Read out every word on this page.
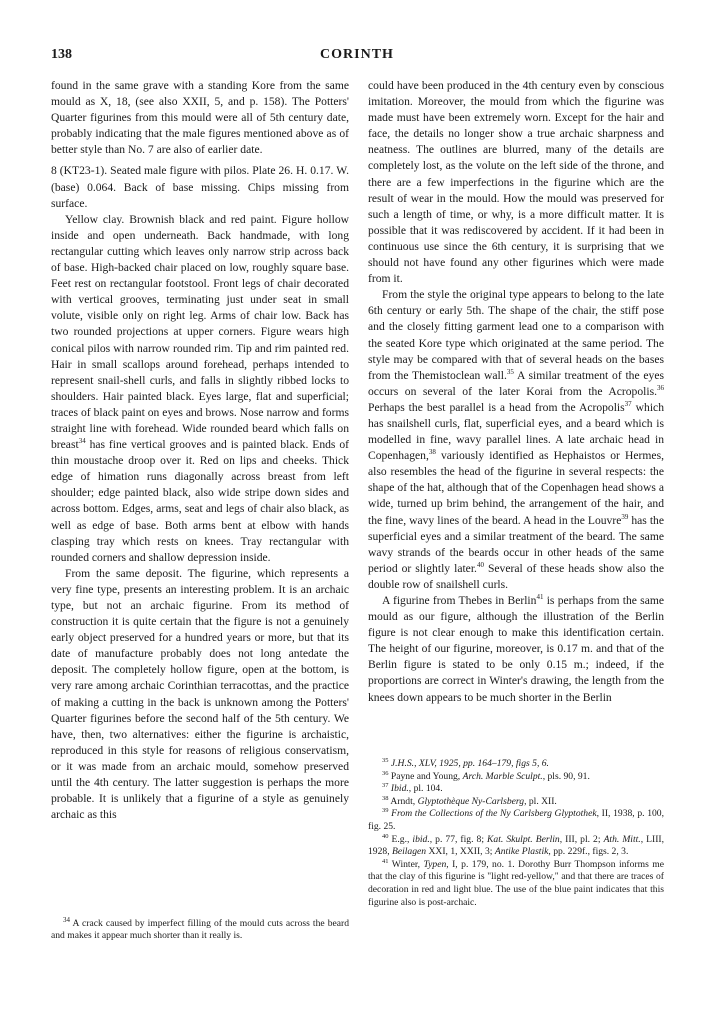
138	CORINTH

found in the same grave with a standing Kore from the same mould as X, 18, (see also XXII, 5, and p. 158). The Potters' Quarter figurines from this mould were all of 5th century date, probably indicating that the male figures mentioned above as of better style than No. 7 are also of earlier date.

8 (KT23-1). Seated male figure with pilos. Plate 26. H. 0.17. W. (base) 0.064. Back of base missing. Chips missing from surface.

Yellow clay. Brownish black and red paint. Figure hollow inside and open underneath. Back handmade, with long rectangular cutting which leaves only narrow strip across back of base. High-backed chair placed on low, roughly square base. Feet rest on rectangular footstool. Front legs of chair decorated with vertical grooves, terminating just under seat in small volute, visible only on right leg. Arms of chair low. Back has two rounded projections at upper corners. Figure wears high conical pilos with narrow rounded rim. Tip and rim painted red. Hair in small scallops around forehead, perhaps intended to represent snail-shell curls, and falls in slightly ribbed locks to shoulders. Hair painted black. Eyes large, flat and superficial; traces of black paint on eyes and brows. Nose narrow and forms straight line with forehead. Wide rounded beard which falls on breast$^{34}$ has fine vertical grooves and is painted black. Ends of thin moustache droop over it. Red on lips and cheeks. Thick edge of himation runs diagonally across breast from left shoulder; edge painted black, also wide stripe down sides and across bottom. Edges, arms, seat and legs of chair also black, as well as edge of base. Both arms bent at elbow with hands clasping tray which rests on knees. Tray rectangular with rounded corners and shallow depression inside.

From the same deposit. The figurine, which represents a very fine type, presents an interesting problem. It is an archaic type, but not an archaic figurine. From its method of construction it is quite certain that the figure is not a genuinely early object preserved for a hundred years or more, but that its date of manufacture probably does not long antedate the deposit. The completely hollow figure, open at the bottom, is very rare among archaic Corinthian terracottas, and the practice of making a cutting in the back is unknown among the Potters' Quarter figurines before the second half of the 5th century. We have, then, two alternatives: either the figurine is archaistic, reproduced in this style for reasons of religious conservatism, or it was made from an archaic mould, somehow preserved until the 4th century. The latter suggestion is perhaps the more probable. It is unlikely that a figurine of a style as genuinely archaic as this

$^{34}$ A crack caused by imperfect filling of the mould cuts across the beard and makes it appear much shorter than it really is.

could have been produced in the 4th century even by conscious imitation. Moreover, the mould from which the figurine was made must have been extremely worn. Except for the hair and face, the details no longer show a true archaic sharpness and neatness. The outlines are blurred, many of the details are completely lost, as the volute on the left side of the throne, and there are a few imperfections in the figurine which are the result of wear in the mould. How the mould was preserved for such a length of time, or why, is a more difficult matter. It is possible that it was rediscovered by accident. If it had been in continuous use since the 6th century, it is surprising that we should not have found any other figurines which were made from it.

From the style the original type appears to belong to the late 6th century or early 5th. The shape of the chair, the stiff pose and the closely fitting garment lead one to a comparison with the seated Kore type which originated at the same period. The style may be compared with that of several heads on the bases from the Themistoclean wall.$^{35}$ A similar treatment of the eyes occurs on several of the later Korai from the Acropolis.$^{36}$ Perhaps the best parallel is a head from the Acropolis$^{37}$ which has snailshell curls, flat, superficial eyes, and a beard which is modelled in fine, wavy parallel lines. A late archaic head in Copenhagen,$^{38}$ variously identified as Hephaistos or Hermes, also resembles the head of the figurine in several respects: the shape of the hat, although that of the Copenhagen head shows a wide, turned up brim behind, the arrangement of the hair, and the fine, wavy lines of the beard. A head in the Louvre$^{39}$ has the superficial eyes and a similar treatment of the beard. The same wavy strands of the beards occur in other heads of the same period or slightly later.$^{40}$ Several of these heads show also the double row of snailshell curls.

A figurine from Thebes in Berlin$^{41}$ is perhaps from the same mould as our figure, although the illustration of the Berlin figure is not clear enough to make this identification certain. The height of our figurine, moreover, is 0.17 m. and that of the Berlin figure is stated to be only 0.15 m.; indeed, if the proportions are correct in Winter's drawing, the length from the knees down appears to be much shorter in the Berlin

$^{35}$ J.H.S., XLV, 1925, pp. 164–179, figs 5, 6.

$^{36}$ Payne and Young, Arch. Marble Sculpt., pls. 90, 91.

$^{37}$ Ibid., pl. 104.

$^{38}$ Arndt, Glyptothèque Ny-Carlsberg, pl. XII.

$^{39}$ From the Collections of the Ny Carlsberg Glyptothek, II, 1938, p. 100, fig. 25.

$^{40}$ E.g., ibid., p. 77, fig. 8; Kat. Skulpt. Berlin, III, pl. 2; Ath. Mitt., LIII, 1928, Beilagen XXI, 1, XXII, 3; Antike Plastik, pp. 229f., figs. 2, 3.

$^{41}$ Winter, Typen, I, p. 179, no. 1. Dorothy Burr Thompson informs me that the clay of this figurine is "light red-yellow," and that there are traces of decoration in red and light blue. The use of the blue paint indicates that this figurine also is post-archaic.
